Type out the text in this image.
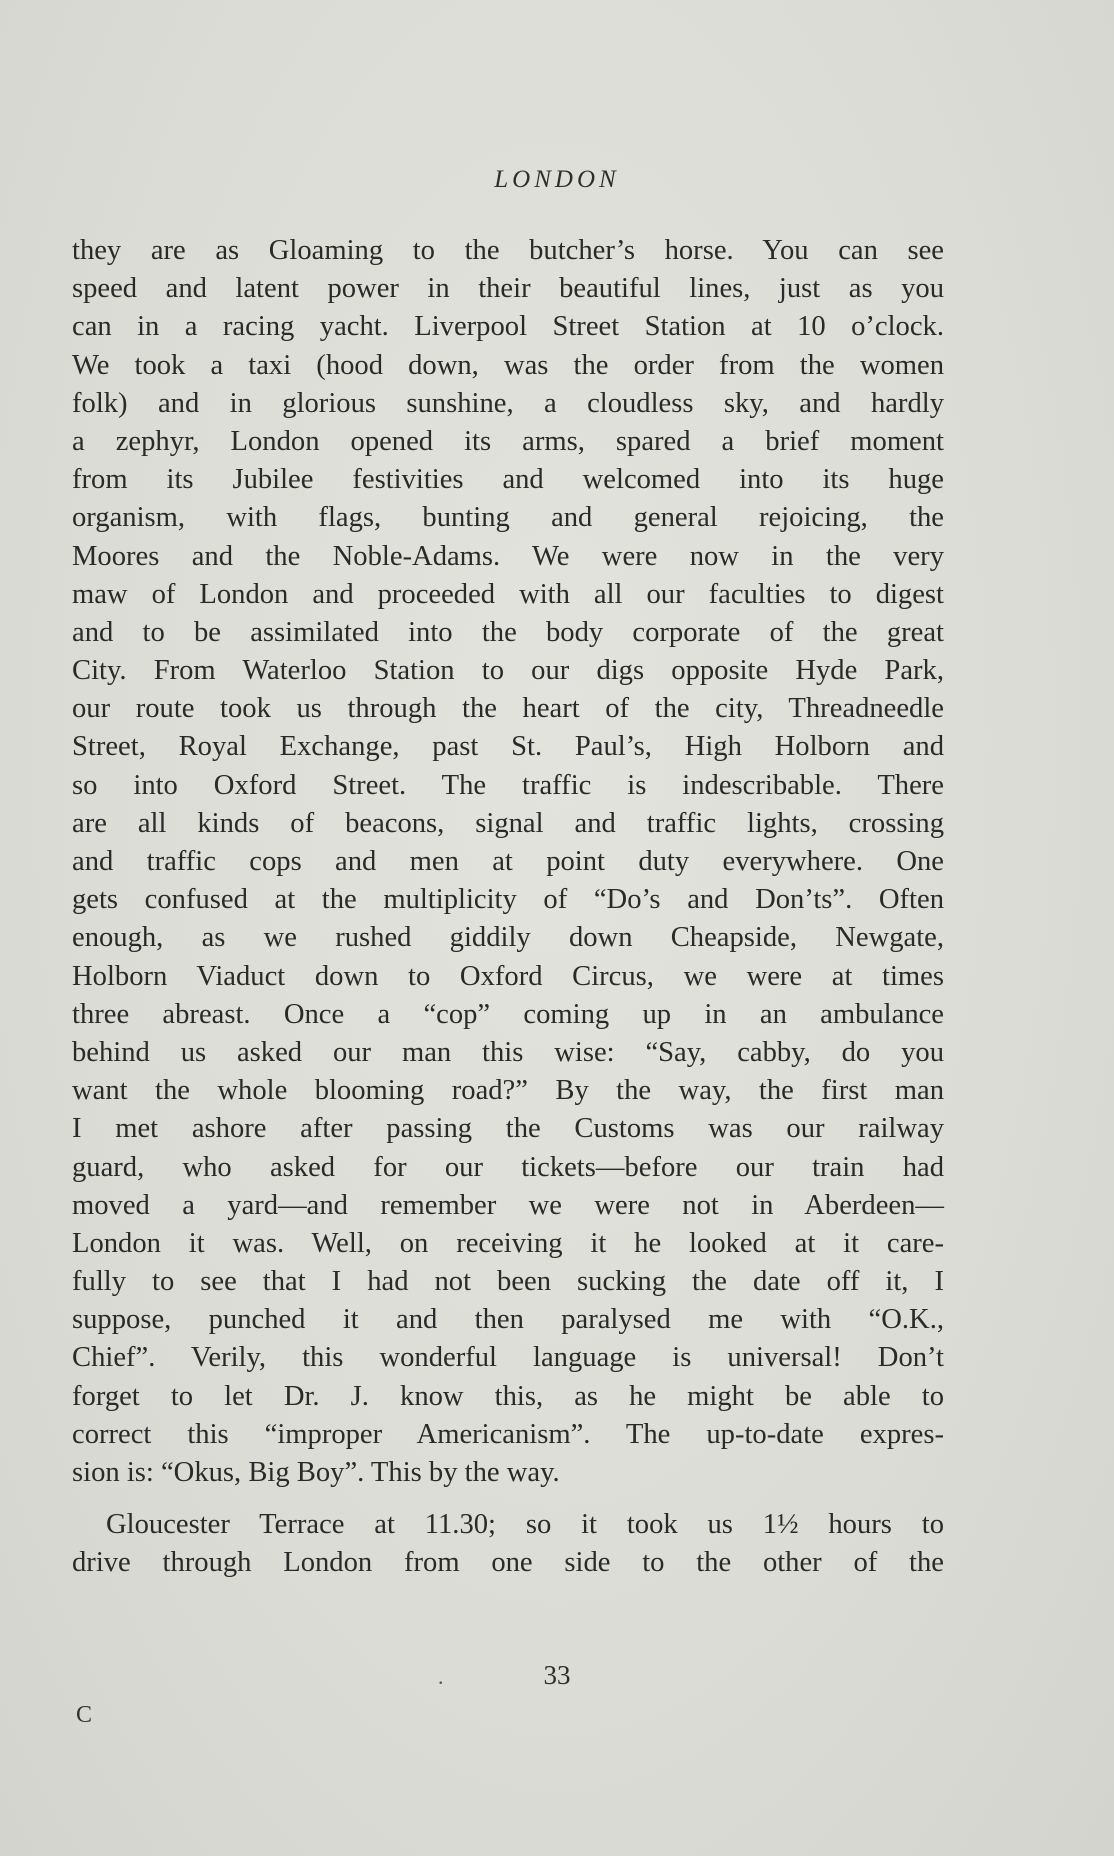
LONDON
they are as Gloaming to the butcher’s horse. You can see
speed and latent power in their beautiful lines, just as you
can in a racing yacht. Liverpool Street Station at 10 o’clock.
We took a taxi (hood down, was the order from the women
folk) and in glorious sunshine, a cloudless sky, and hardly
a zephyr, London opened its arms, spared a brief moment
from its Jubilee festivities and welcomed into its huge
organism, with flags, bunting and general rejoicing, the
Moores and the Noble-Adams. We were now in the very
maw of London and proceeded with all our faculties to digest
and to be assimilated into the body corporate of the great
City. From Waterloo Station to our digs opposite Hyde Park,
our route took us through the heart of the city, Threadneedle
Street, Royal Exchange, past St. Paul’s, High Holborn and
so into Oxford Street. The traffic is indescribable. There
are all kinds of beacons, signal and traffic lights, crossing
and traffic cops and men at point duty everywhere. One
gets confused at the multiplicity of “Do’s and Don’ts”. Often
enough, as we rushed giddily down Cheapside, Newgate,
Holborn Viaduct down to Oxford Circus, we were at times
three abreast. Once a “cop” coming up in an ambulance
behind us asked our man this wise: “Say, cabby, do you
want the whole blooming road?” By the way, the first man
I met ashore after passing the Customs was our railway
guard, who asked for our tickets—before our train had
moved a yard—and remember we were not in Aberdeen—
London it was. Well, on receiving it he looked at it care-
fully to see that I had not been sucking the date off it, I
suppose, punched it and then paralysed me with “O.K.,
Chief”. Verily, this wonderful language is universal! Don’t
forget to let Dr. J. know this, as he might be able to
correct this “improper Americanism”. The up-to-date expres-
sion is: “Okus, Big Boy”. This by the way.
Gloucester Terrace at 11.30; so it took us 1½ hours to
drive through London from one side to the other of the
.	33
C
